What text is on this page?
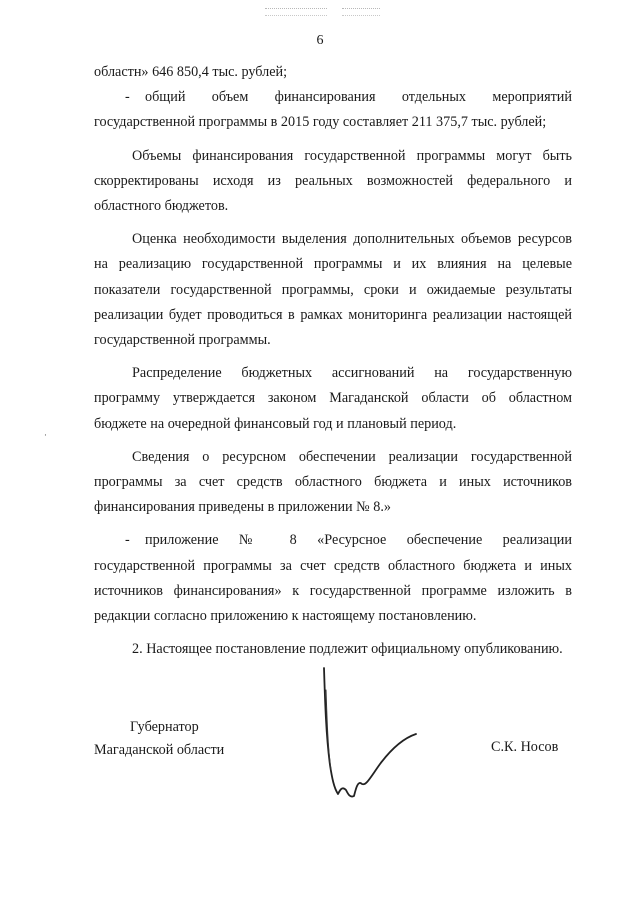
6

областн» 646 850,4 тыс. рублей;

- общий объем финансирования отдельных мероприятий государственной программы в 2015 году составляет 211 375,7 тыс. рублей;

Объемы финансирования государственной программы могут быть скорректированы исходя из реальных возможностей федерального и областного бюджетов.

Оценка необходимости выделения дополнительных объемов ресурсов на реализацию государственной программы и их влияния на целевые показатели государственной программы, сроки и ожидаемые результаты реализации будет проводиться в рамках мониторинга реализации настоящей государственной программы.

Распределение бюджетных ассигнований на государственную программу утверждается законом Магаданской области об областном бюджете на очередной финансовый год и плановый период.

Сведения о ресурсном обеспечении реализации государственной программы за счет средств областного бюджета и иных источников финансирования приведены в приложении № 8.»

- приложение № 8 «Ресурсное обеспечение реализации государственной программы за счет средств областного бюджета и иных источников финансирования» к государственной программе изложить в редакции согласно приложению к настоящему постановлению.

2. Настоящее постановление подлежит официальному опубликованию.

·
Губернатор
Магаданской области	С.К. Носов
